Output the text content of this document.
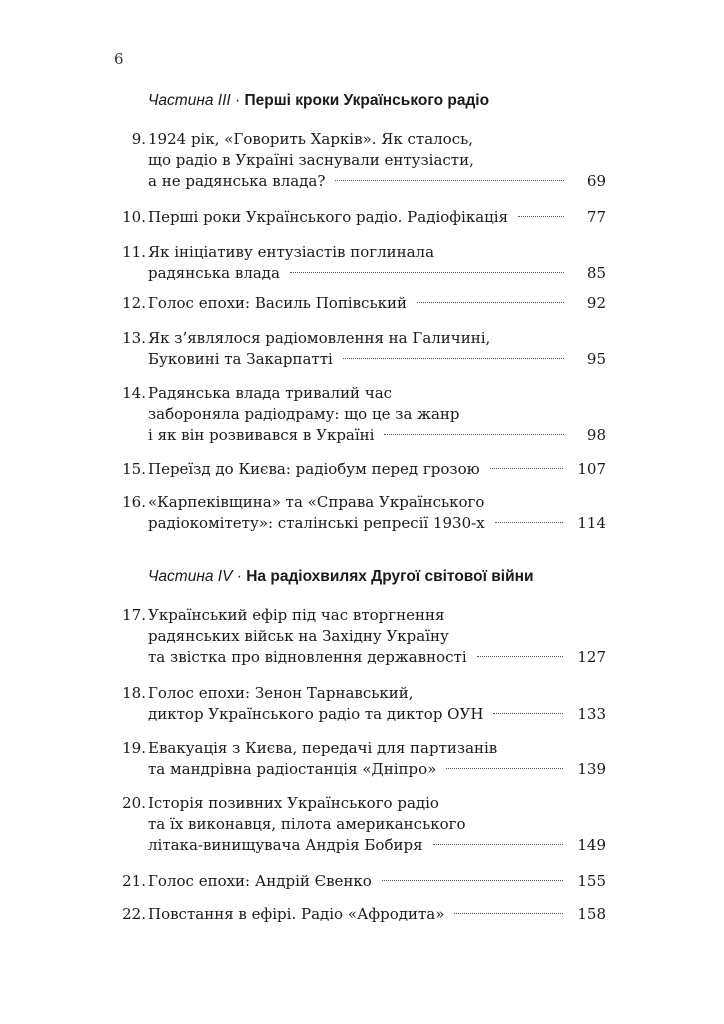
6
Частина III · Перші кроки Українського радіо
9. 1924 рік, «Говорить Харків». Як сталось,
що радіо в Україні заснували ентузіасти,
а не радянська влада?	69
10. Перші роки Українського радіо. Радіофікація	77
11. Як ініціативу ентузіастів поглинала
радянська влада	85
12. Голос епохи: Василь Попівський	92
13. Як з’являлося радіомовлення на Галичині,
Буковині та Закарпатті	95
14. Радянська влада тривалий час
забороняла радіодраму: що це за жанр
і як він розвивався в Україні	98
15. Переїзд до Києва: радіобум перед грозою	107
16. «Карпеківщина» та «Справа Українського
радіокомітету»: сталінські репресії 1930-х	114
Частина IV · На радіохвилях Другої світової війни
17. Український ефір під час вторгнення
радянських військ на Західну Україну
та звістка про відновлення державності	127
18. Голос епохи: Зенон Тарнавський,
диктор Українського радіо та диктор ОУН	133
19. Евакуація з Києва, передачі для партизанів
та мандрівна радіостанція «Дніпро»	139
20. Історія позивних Українського радіо
та їх виконавця, пілота американського
літака-винищувача Андрія Бобиря	149
21. Голос епохи: Андрій Євенко	155
22. Повстання в ефірі. Радіо «Афродита»	158
